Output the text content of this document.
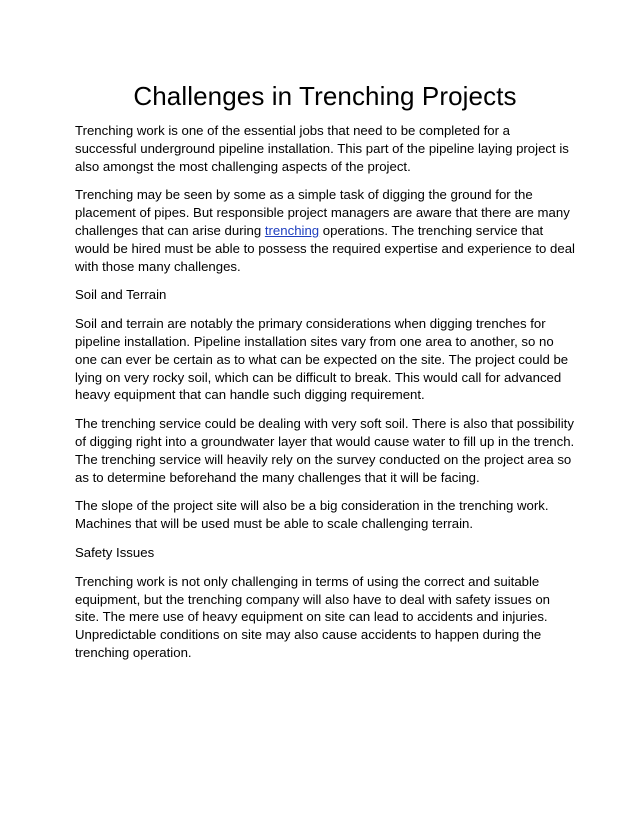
Challenges in Trenching Projects

Trenching work is one of the essential jobs that need to be completed for a successful underground pipeline installation. This part of the pipeline laying project is also amongst the most challenging aspects of the project.

Trenching may be seen by some as a simple task of digging the ground for the placement of pipes. But responsible project managers are aware that there are many challenges that can arise during trenching operations. The trenching service that would be hired must be able to possess the required expertise and experience to deal with those many challenges.

Soil and Terrain

Soil and terrain are notably the primary considerations when digging trenches for pipeline installation. Pipeline installation sites vary from one area to another, so no one can ever be certain as to what can be expected on the site. The project could be lying on very rocky soil, which can be difficult to break. This would call for advanced heavy equipment that can handle such digging requirement.

The trenching service could be dealing with very soft soil. There is also that possibility of digging right into a groundwater layer that would cause water to fill up in the trench. The trenching service will heavily rely on the survey conducted on the project area so as to determine beforehand the many challenges that it will be facing.

The slope of the project site will also be a big consideration in the trenching work. Machines that will be used must be able to scale challenging terrain.

Safety Issues

Trenching work is not only challenging in terms of using the correct and suitable equipment, but the trenching company will also have to deal with safety issues on site. The mere use of heavy equipment on site can lead to accidents and injuries. Unpredictable conditions on site may also cause accidents to happen during the trenching operation.
